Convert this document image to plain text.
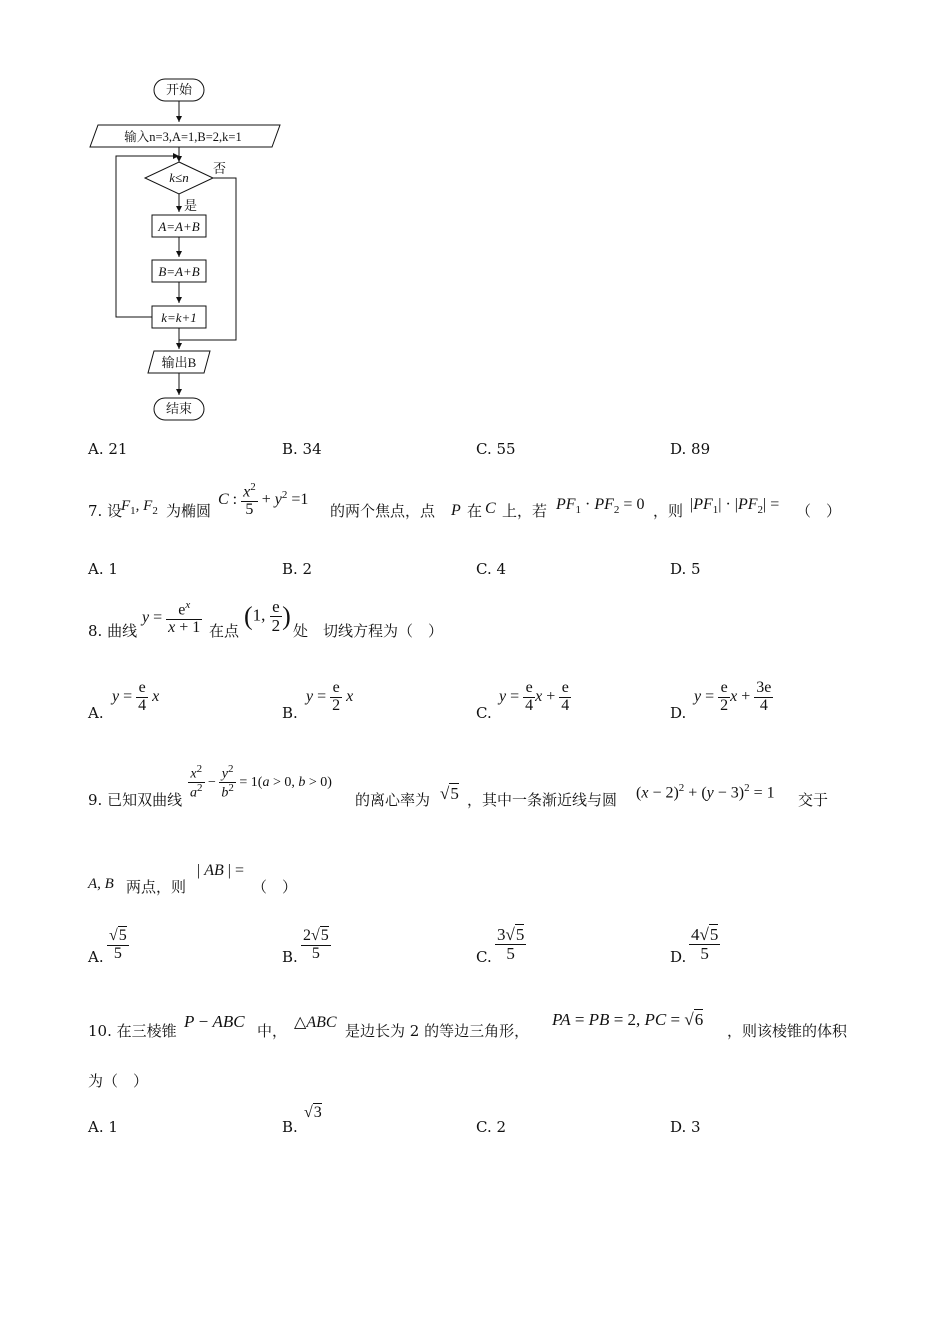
开始
输入n=3,A=1,B=2,k=1
k≤n
否
是
A=A+B
B=A+B
k=k+1
输出B
结束
A. 21	B. 34	C. 55	D. 89
7. 设
$F_1$, $F_2$ 为椭圆
C : $\frac{x^2}{5} + y^2 =1$
的两个焦点，点 P 在 C 上，若 $PF_1 \cdot PF_2 = 0$ ，则 $|PF_1| \cdot |PF_2|$ = （　）
A. 1	B. 2	C. 4	D. 5
8. 曲线
$y = \frac{e^x}{x + 1}$ 在点
(1, $\frac{e}{2}$ )
处　切线方程为（　）
A.
$y = \frac{e}{4}$ x
B.
$y = \frac{e}{2}$ x
C.
$y = \frac{e}{4}$ $x + \frac{e}{4}$	D.
$y = \frac{e}{2}$ $x + \frac{3e}{4}$
9. 已知双曲线 $\frac{x^2}{a^2} - \frac{y^2}{b^2} = 1(a > 0$, b > 0)
的离心率为 √5 ，其中一条渐近线与圆 $(x - 2)^2 + (y - 3)^2 = 1$ 交于
A, B 两点，则
| AB | =
（　）
A. $\frac{√5}{5}$	B. $\frac{2√5}{5}$	C. $\frac{3√5}{5}$	D. $\frac{4√5}{5}$
10. 在三棱锥 P − ABC 中， △ABC 是边长为 2 的等边三角形，
PA = PB = 2, PC = √6
，则该棱锥的体积
为（　）
A. 1	B.
√3
C. 2	D. 3
